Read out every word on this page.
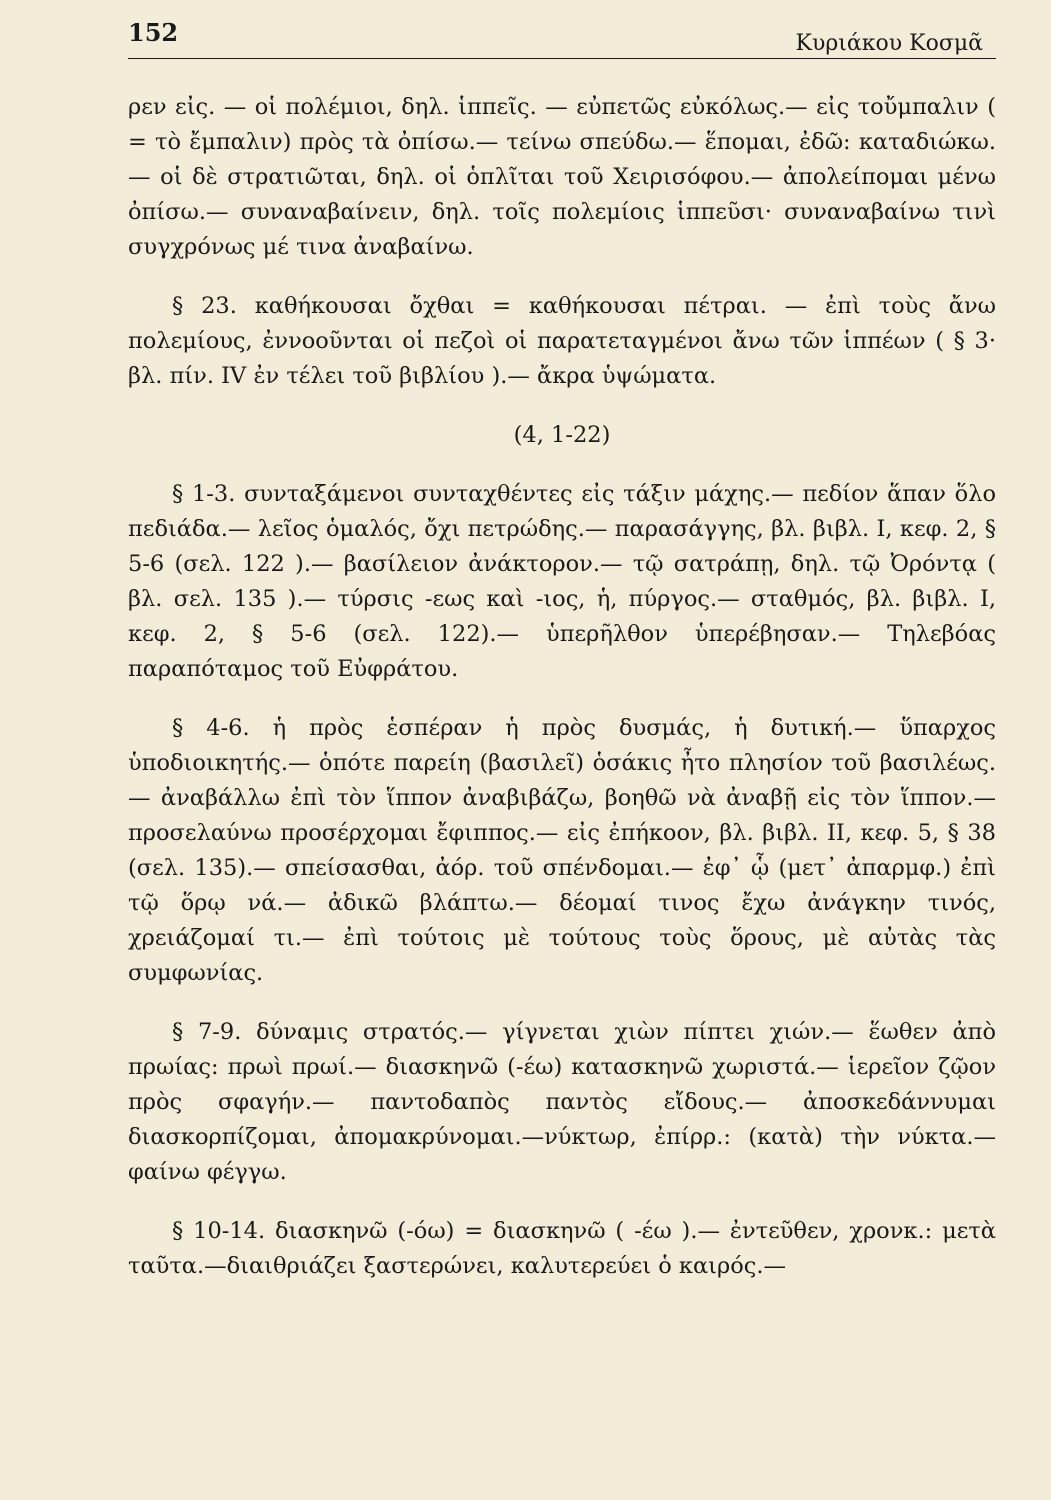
152	Κυριάκου Κοσμᾶ

ρεν εἰς. — οἱ πολέμιοι, δηλ. ἱππεῖς. — εὐπετῶς εὐκόλως.— εἰς τοὔμπαλιν ( = τὸ ἔμπαλιν) πρὸς τὰ ὀπίσω.— τείνω σπεύδω.— ἕπομαι, ἐδῶ: καταδιώκω.— οἱ δὲ στρατιῶται, δηλ. οἱ ὁπλῖται τοῦ Χειρισόφου.— ἀπολείπομαι μένω ὀπίσω.— συναναβαίνειν, δηλ. τοῖς πολεμίοις ἱππεῦσι· συναναβαίνω τινὶ συγχρόνως μέ τινα ἀναβαίνω.

§ 23. καθήκουσαι ὄχθαι = καθήκουσαι πέτραι. — ἐπὶ τοὺς ἄνω πολεμίους, ἐννοοῦνται οἱ πεζοὶ οἱ παρατεταγμένοι ἄνω τῶν ἱππέων ( § 3· βλ. πίν. IV ἐν τέλει τοῦ βιβλίου ).— ἄκρα ὑψώματα.

(4, 1-22)

§ 1-3. συνταξάμενοι συνταχθέντες εἰς τάξιν μάχης.— πεδίον ἅπαν ὅλο πεδιάδα.— λεῖος ὁμαλός, ὄχι πετρώδης.— παρασάγγης, βλ. βιβλ. I, κεφ. 2, § 5-6 (σελ. 122 ).— βασίλειον ἀνάκτορον.— τῷ σατράπῃ, δηλ. τῷ Ὀρόντᾳ ( βλ. σελ. 135 ).— τύρσις -εως καὶ -ιος, ἡ, πύργος.— σταθμός, βλ. βιβλ. I, κεφ. 2, § 5-6 (σελ. 122).— ὑπερῆλθον ὑπερέβησαν.— Τηλεβόας παραπόταμος τοῦ Εὐφράτου.

§ 4-6. ἡ πρὸς ἑσπέραν ἡ πρὸς δυσμάς, ἡ δυτική.— ὕπαρχος ὑποδιοικητής.— ὁπότε παρείη (βασιλεῖ) ὁσάκις ἦτο πλησίον τοῦ βασιλέως.— ἀναβάλλω ἐπὶ τὸν ἵππον ἀναβιβάζω, βοηθῶ νὰ ἀναβῇ εἰς τὸν ἵππον.— προσελαύνω προσέρχομαι ἔφιππος.— εἰς ἐπήκοον, βλ. βιβλ. II, κεφ. 5, § 38 (σελ. 135).— σπείσασθαι, ἀόρ. τοῦ σπένδομαι.— ἐφ᾿ ᾧ (μετ᾿ ἀπαρμφ.) ἐπὶ τῷ ὅρῳ νά.— ἀδικῶ βλάπτω.— δέομαί τινος ἔχω ἀνάγκην τινός, χρειάζομαί τι.— ἐπὶ τούτοις μὲ τούτους τοὺς ὅρους, μὲ αὐτὰς τὰς συμφωνίας.

§ 7-9. δύναμις στρατός.— γίγνεται χιὼν πίπτει χιών.— ἕωθεν ἀπὸ πρωίας: πρωὶ πρωί.— διασκηνῶ (-έω) κατασκηνῶ χωριστά.— ἱερεῖον ζῷον πρὸς σφαγήν.— παντοδαπὸς παντὸς εἴδους.— ἀποσκεδάννυμαι διασκορπίζομαι, ἀπομακρύνομαι.—νύκτωρ, ἐπίρρ.: (κατὰ) τὴν νύκτα.— φαίνω φέγγω.

§ 10-14. διασκηνῶ (-όω) = διασκηνῶ ( -έω ).— ἐντεῦθεν, χρονκ.: μετὰ ταῦτα.—διαιθριάζει ξαστερώνει, καλυτερεύει ὁ καιρός.—
